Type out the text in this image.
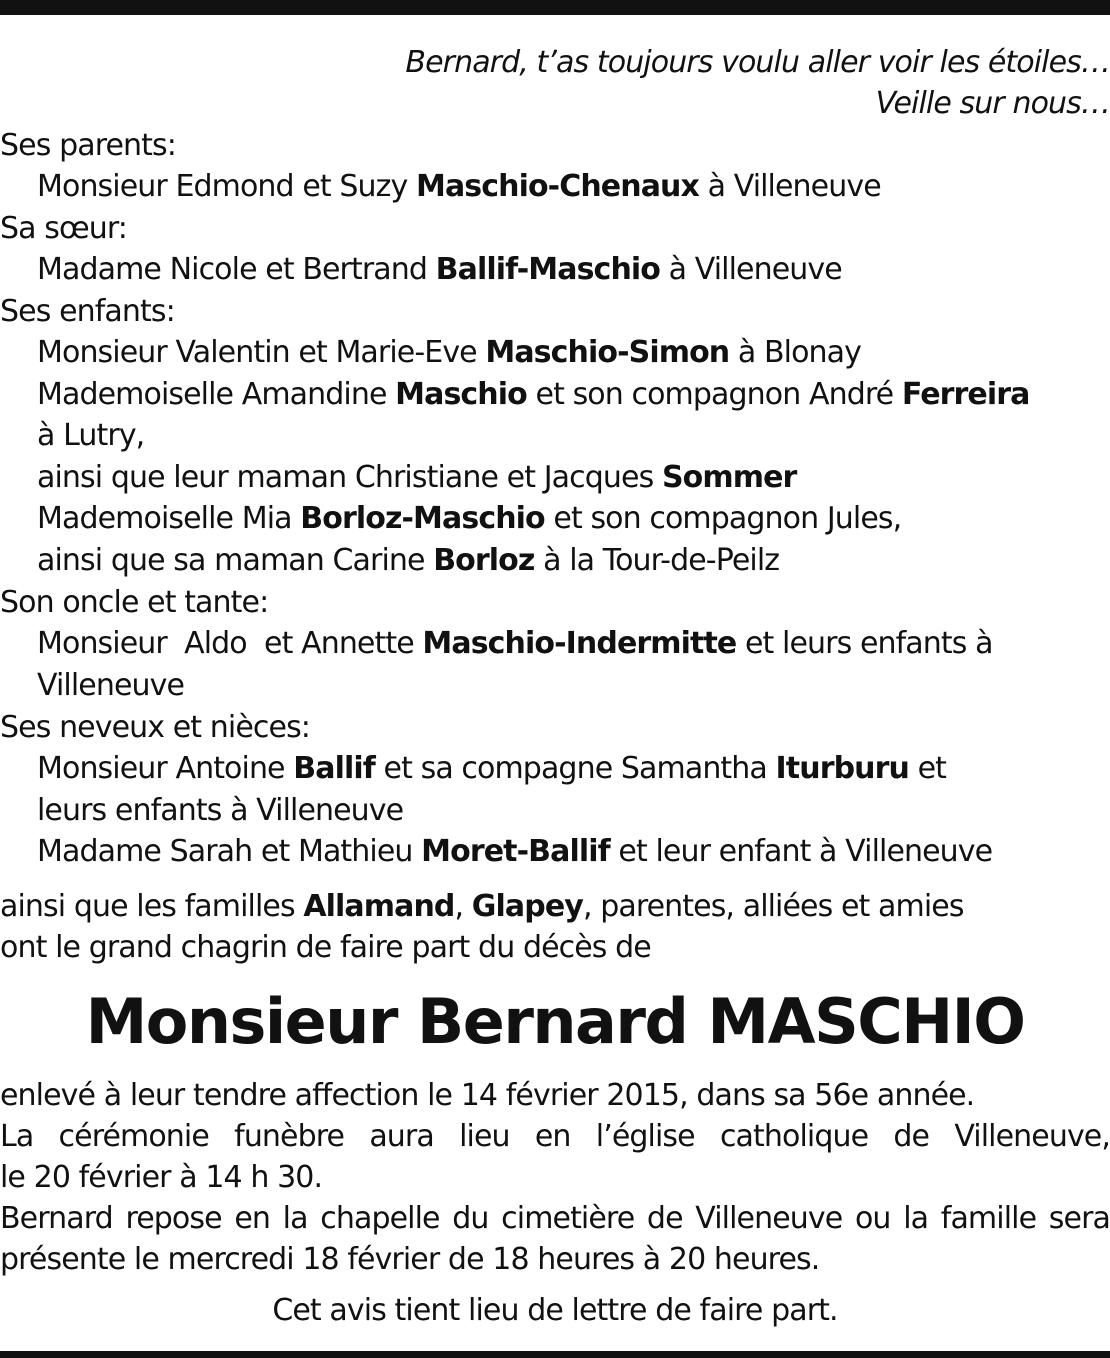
Bernard, t’as toujours voulu aller voir les étoiles…
Veille sur nous…
Ses parents:
Monsieur Edmond et Suzy Maschio-Chenaux à Villeneuve
Sa sœur:
Madame Nicole et Bertrand Ballif-Maschio à Villeneuve
Ses enfants:
Monsieur Valentin et Marie-Eve Maschio-Simon à Blonay
Mademoiselle Amandine Maschio et son compagnon André Ferreira
à Lutry,
ainsi que leur maman Christiane et Jacques Sommer
Mademoiselle Mia Borloz-Maschio et son compagnon Jules,
ainsi que sa maman Carine Borloz à la Tour-de-Peilz
Son oncle et tante:
Monsieur  Aldo  et Annette Maschio-Indermitte et leurs enfants à
Villeneuve
Ses neveux et nièces:
Monsieur Antoine Ballif et sa compagne Samantha Iturburu et
leurs enfants à Villeneuve
Madame Sarah et Mathieu Moret-Ballif et leur enfant à Villeneuve
ainsi que les familles Allamand, Glapey, parentes, alliées et amies
ont le grand chagrin de faire part du décès de
Monsieur Bernard MASCHIO
enlevé à leur tendre affection le 14 février 2015, dans sa 56e année.
La cérémonie funèbre aura lieu en l’église catholique de Villeneuve,
le 20 février à 14 h 30.
Bernard repose en la chapelle du cimetière de Villeneuve ou la famille sera
présente le mercredi 18 février de 18 heures à 20 heures.
Cet avis tient lieu de lettre de faire part.
